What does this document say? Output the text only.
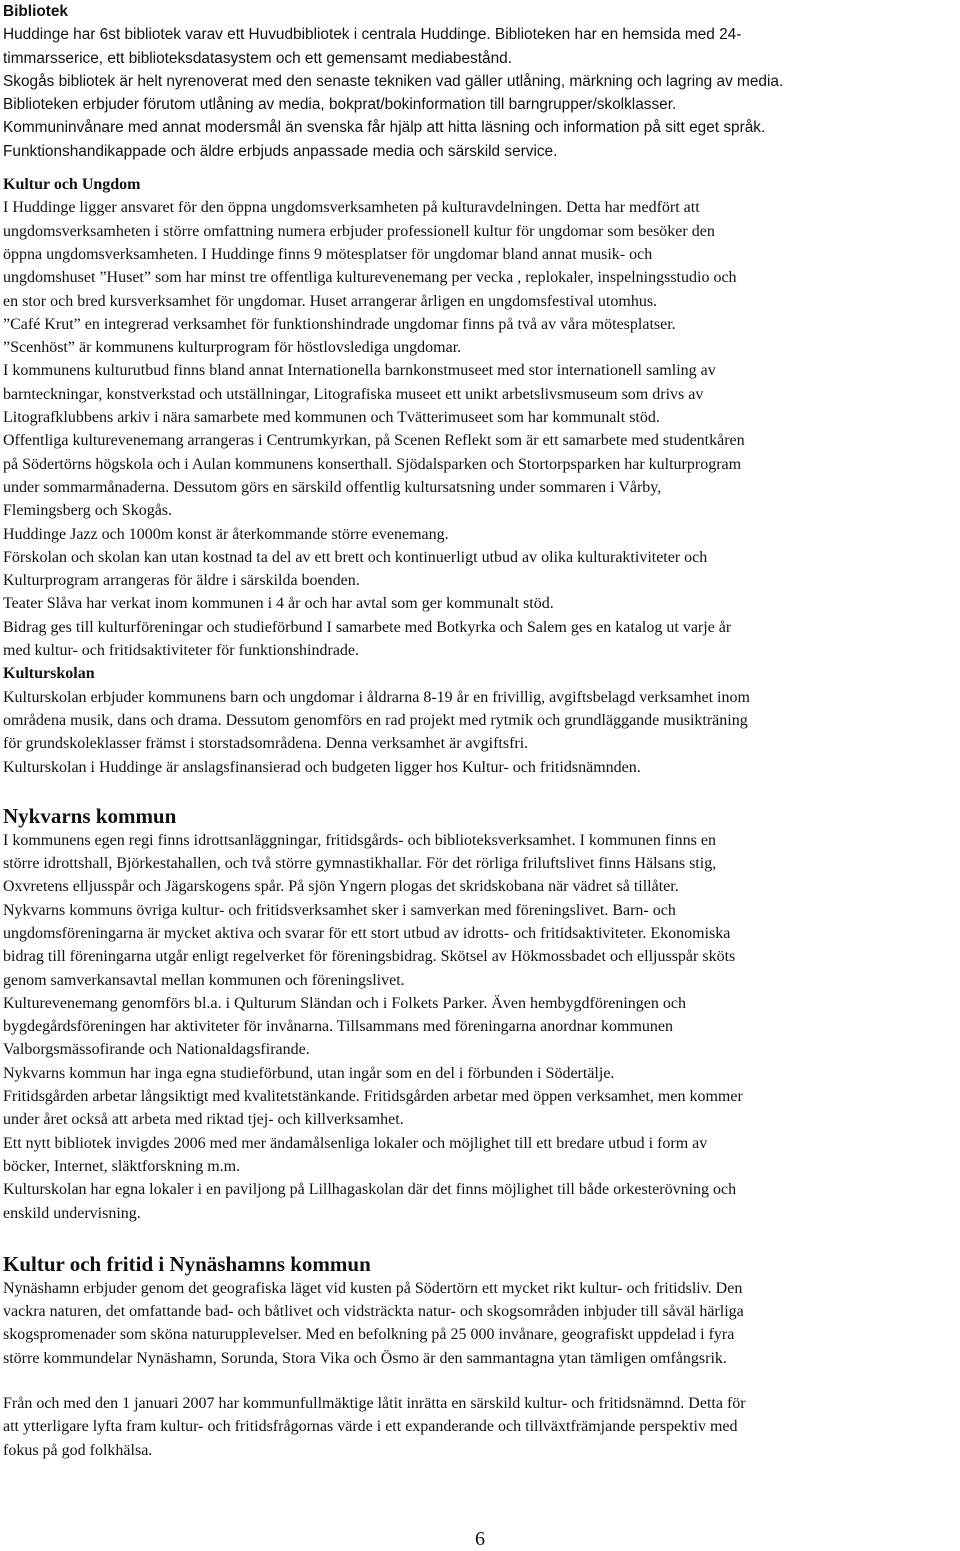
Bibliotek
Huddinge har 6st bibliotek varav ett Huvudbibliotek i centrala Huddinge. Biblioteken har en hemsida med 24-
timmarsserice, ett biblioteksdatasystem och ett gemensamt mediabestånd.
Skogås bibliotek är helt nyrenoverat med den senaste tekniken vad gäller utlåning, märkning och lagring av media.
Biblioteken erbjuder förutom utlåning av media, bokprat/bokinformation till barngrupper/skolklasser.
Kommuninvånare med annat modersmål än svenska får hjälp att hitta läsning och information på sitt eget språk.
Funktionshandikappade och äldre erbjuds anpassade media och särskild service.
Kultur och Ungdom
I Huddinge ligger ansvaret för den öppna ungdomsverksamheten på kulturavdelningen. Detta har medfört att
ungdomsverksamheten i större omfattning numera erbjuder professionell kultur för ungdomar som besöker den
öppna ungdomsverksamheten. I Huddinge finns 9 mötesplatser för ungdomar bland annat musik- och
ungdomshuset ”Huset” som har minst tre offentliga kulturevenemang per vecka , replokaler, inspelningsstudio och
en stor och bred kursverksamhet för ungdomar. Huset arrangerar årligen en ungdomsfestival utomhus.
”Café Krut” en integrerad verksamhet för funktionshindrade ungdomar finns på två av våra mötesplatser.
”Scenhöst” är kommunens kulturprogram för höstlovslediga ungdomar.
I kommunens kulturutbud finns bland annat Internationella barnkonstmuseet med stor internationell samling av
barnteckningar, konstverkstad och utställningar, Litografiska museet ett unikt arbetslivsmuseum som drivs av
Litografklubbens arkiv i nära samarbete med kommunen och Tvätterimuseet som har kommunalt stöd.
Offentliga kulturevenemang arrangeras i Centrumkyrkan, på Scenen Reflekt som är ett samarbete med studentkåren
på Södertörns högskola och i Aulan kommunens konserthall. Sjödalsparken och Stortorpsparken har kulturprogram
under sommarmånaderna. Dessutom görs en särskild offentlig kultursatsning under sommaren i Vårby,
Flemingsberg och Skogås.
Huddinge Jazz och 1000m konst är återkommande större evenemang.
Förskolan och skolan kan utan kostnad ta del av ett brett och kontinuerligt utbud av olika kulturaktiviteter och
Kulturprogram arrangeras för äldre i särskilda boenden.
Teater Slåva har verkat inom kommunen i 4 år och har avtal som ger kommunalt stöd.
Bidrag ges till kulturföreningar och studieförbund I samarbete med Botkyrka och Salem ges en katalog ut varje år
med kultur- och fritidsaktiviteter för funktionshindrade.
Kulturskolan
Kulturskolan erbjuder kommunens barn och ungdomar i åldrarna 8-19 år en frivillig, avgiftsbelagd verksamhet inom
områdena musik, dans och drama. Dessutom genomförs en rad projekt med rytmik och grundläggande musikträning
för grundskoleklasser främst i storstadsområdena. Denna verksamhet är avgiftsfri.
Kulturskolan i Huddinge är anslagsfinansierad och budgeten ligger hos Kultur- och fritidsnämnden.
Nykvarns kommun
I kommunens egen regi finns idrottsanläggningar, fritidsgårds- och biblioteksverksamhet. I kommunen finns en
större idrottshall, Björkestahallen, och två större gymnastikhallar. För det rörliga friluftslivet finns Hälsans stig,
Oxvretens elljusspår och Jägarskogens spår. På sjön Yngern plogas det skridskobana när vädret så tillåter.
Nykvarns kommuns övriga kultur- och fritidsverksamhet sker i samverkan med föreningslivet. Barn- och
ungdomsföreningarna är mycket aktiva och svarar för ett stort utbud av idrotts- och fritidsaktiviteter. Ekonomiska
bidrag till föreningarna utgår enligt regelverket för föreningsbidrag. Skötsel av Hökmossbadet och elljusspår sköts
genom samverkansavtal mellan kommunen och föreningslivet.
Kulturevenemang genomförs bl.a. i Qulturum Sländan och i Folkets Parker. Även hembygdföreningen och
bygdegårdsföreningen har aktiviteter för invånarna. Tillsammans med föreningarna anordnar kommunen
Valborgsmässofirande och Nationaldagsfirande.
Nykvarns kommun har inga egna studieförbund, utan ingår som en del i förbunden i Södertälje.
Fritidsgården arbetar långsiktigt med kvalitetstänkande. Fritidsgården arbetar med öppen verksamhet, men kommer
under året också att arbeta med riktad tjej- och killverksamhet.
Ett nytt bibliotek invigdes 2006 med mer ändamålsenliga lokaler och möjlighet till ett bredare utbud i form av
böcker, Internet, släktforskning m.m.
Kulturskolan har egna lokaler i en paviljong på Lillhagaskolan där det finns möjlighet till både orkesterövning och
enskild undervisning.
Kultur och fritid i Nynäshamns kommun
Nynäshamn erbjuder genom det geografiska läget vid kusten på Södertörn ett mycket rikt kultur- och fritidsliv. Den
vackra naturen, det omfattande bad- och båtlivet och vidsträckta natur- och skogsområden inbjuder till såväl härliga
skogspromenader som sköna naturupplevelser. Med en befolkning på 25 000 invånare, geografiskt uppdelad i fyra
större kommundelar Nynäshamn, Sorunda, Stora Vika och Ösmo är den sammantagna ytan tämligen omfångsrik.
Från och med den 1 januari 2007 har kommunfullmäktige låtit inrätta en särskild kultur- och fritidsnämnd. Detta för
att ytterligare lyfta fram kultur- och fritidsfrågornas värde i ett expanderande och tillväxtfrämjande perspektiv med
fokus på god folkhälsa.
6
